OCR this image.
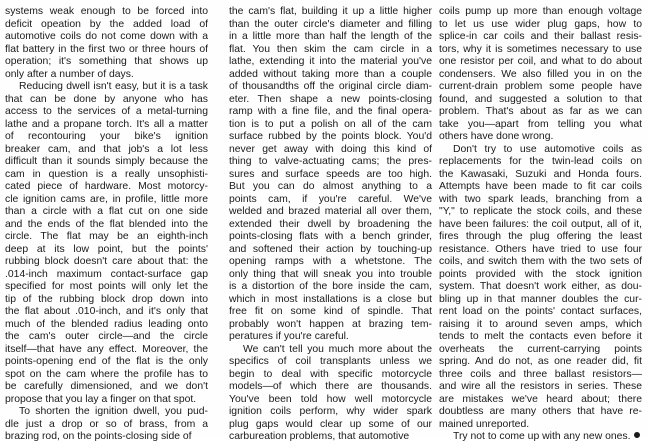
systems weak enough to be forced into
deficit opeation by the added load of
automotive coils do not come down with a
flat battery in the first two or three hours of
operation; it's something that shows up
only after a number of days.
Reducing dwell isn't easy, but it is a task
that can be done by anyone who has
access to the services of a metal-turning
lathe and a propane torch. It's all a matter
of recontouring your bike's ignition
breaker cam, and that job's a lot less
difficult than it sounds simply because the
cam in question is a really unsophisti-
cated piece of hardware. Most motorcy-
cle ignition cams are, in profile, little more
than a circle with a flat cut on one side
and the ends of the flat blended into the
circle. The flat may be an eighth-inch
deep at its low point, but the points'
rubbing block doesn't care about that: the
.014-inch maximum contact-surface gap
specified for most points will only let the
tip of the rubbing block drop down into
the flat about .010-inch, and it's only that
much of the blended radius leading onto
the cam's outer circle—and the circle
itself—that have any effect. Moreover, the
points-opening end of the flat is the only
spot on the cam where the profile has to
be carefully dimensioned, and we don't
propose that you lay a finger on that spot.
To shorten the ignition dwell, you pud-
dle just a drop or so of brass, from a
brazing rod, on the points-closing side of
the cam's flat, building it up a little higher
than the outer circle's diameter and filling
in a little more than half the length of the
flat. You then skim the cam circle in a
lathe, extending it into the material you've
added without taking more than a couple
of thousandths off the original circle diam-
eter. Then shape a new points-closing
ramp with a fine file, and the final opera-
tion is to put a polish on all of the cam
surface rubbed by the points block. You'd
never get away with doing this kind of
thing to valve-actuating cams; the pres-
sures and surface speeds are too high.
But you can do almost anything to a
points cam, if you're careful. We've
welded and brazed material all over them,
extended their dwell by broadening the
points-closing flats with a bench grinder,
and softened their action by touching-up
opening ramps with a whetstone. The
only thing that will sneak you into trouble
is a distortion of the bore inside the cam,
which in most installations is a close but
free fit on some kind of spindle. That
probably won't happen at brazing tem-
peratures if you're careful.
We can't tell you much more about the
specifics of coil transplants unless we
begin to deal with specific motorcycle
models—of which there are thousands.
You've been told how well motorcycle
ignition coils perform, why wider spark
plug gaps would clear up some of our
carbureation problems, that automotive
coils pump up more than enough voltage
to let us use wider plug gaps, how to
splice-in car coils and their ballast resis-
tors, why it is sometimes necessary to use
one resistor per coil, and what to do about
condensers. We also filled you in on the
current-drain problem some people have
found, and suggested a solution to that
problem. That's about as far as we can
take you—apart from telling you what
others have done wrong.
Don't try to use automotive coils as
replacements for the twin-lead coils on
the Kawasaki, Suzuki and Honda fours.
Attempts have been made to fit car coils
with two spark leads, branching from a
"Y," to replicate the stock coils, and these
have been failures: the coil output, all of it,
fires through the plug offering the least
resistance. Others have tried to use four
coils, and switch them with the two sets of
points provided with the stock ignition
system. That doesn't work either, as dou-
bling up in that manner doubles the cur-
rent load on the points' contact surfaces,
raising it to around seven amps, which
tends to melt the contacts even before it
overheats the current-carrying points
spring. And do not, as one reader did, fit
three coils and three ballast resistors—
and wire all the resistors in series. These
are mistakes we've heard about; there
doubtless are many others that have re-
mained unreported.
Try not to come up with any new ones.
